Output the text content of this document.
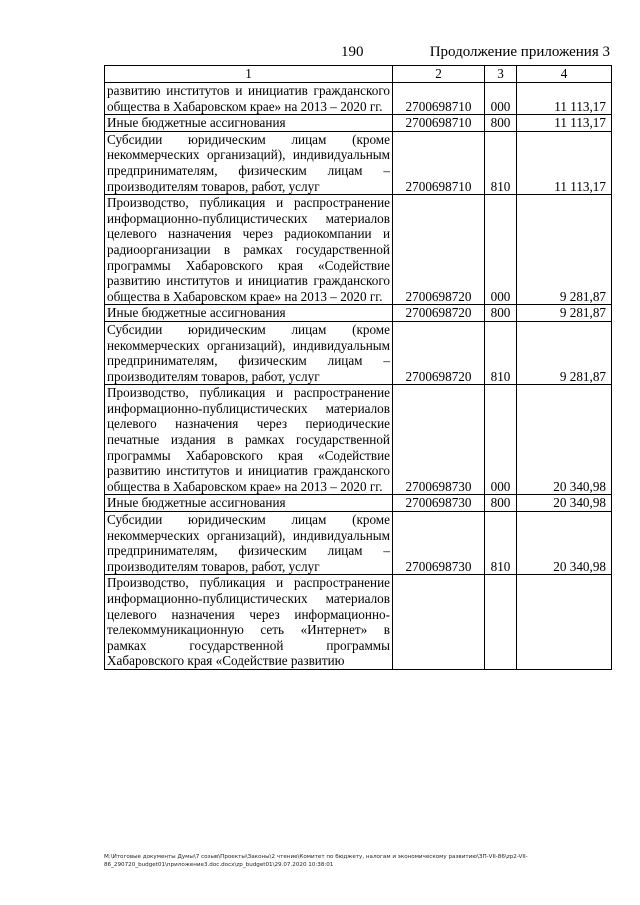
190	Продолжение приложения 3
1	2	3	4
развитию институтов и инициатив гражданского общества в Хабаровском крае» на 2013 – 2020 гг.	2700698710	000	11 113,17
Иные бюджетные ассигнования	2700698710	800	11 113,17
Субсидии юридическим лицам (кроме некоммерческих организаций), индивидуальным предпринимателям, физическим лицам – производителям товаров, работ, услуг	2700698710	810	11 113,17
Производство, публикация и распространение информационно-публицистических материалов целевого назначения через радиокомпании и радиоорганизации в рамках государственной программы Хабаровского края «Содействие развитию институтов и инициатив гражданского общества в Хабаровском крае» на 2013 – 2020 гг.	2700698720	000	9 281,87
Иные бюджетные ассигнования	2700698720	800	9 281,87
Субсидии юридическим лицам (кроме некоммерческих организаций), индивидуальным предпринимателям, физическим лицам – производителям товаров, работ, услуг	2700698720	810	9 281,87
Производство, публикация и распространение информационно-публицистических материалов целевого назначения через периодические печатные издания в рамках государственной программы Хабаровского края «Содействие развитию институтов и инициатив гражданского общества в Хабаровском крае» на 2013 – 2020 гг.	2700698730	000	20 340,98
Иные бюджетные ассигнования	2700698730	800	20 340,98
Субсидии юридическим лицам (кроме некоммерческих организаций), индивидуальным предпринимателям, физическим лицам – производителям товаров, работ, услуг	2700698730	810	20 340,98
Производство, публикация и распространение информационно-публицистических материалов целевого назначения через информационно-телекоммуникационную сеть «Интернет» в рамках государственной программы Хабаровского края «Содействие развитию			
M:\Итоговые документы Думы\7 созыв\Проекты\Законы\2 чтение\Комитет по бюджету, налогам и экономическому развитию\ЗП-VII-86\zp2-VII-86_290720_budget01\приложение3.doc.docx\zp_budget01\29.07.2020 10:38:01
